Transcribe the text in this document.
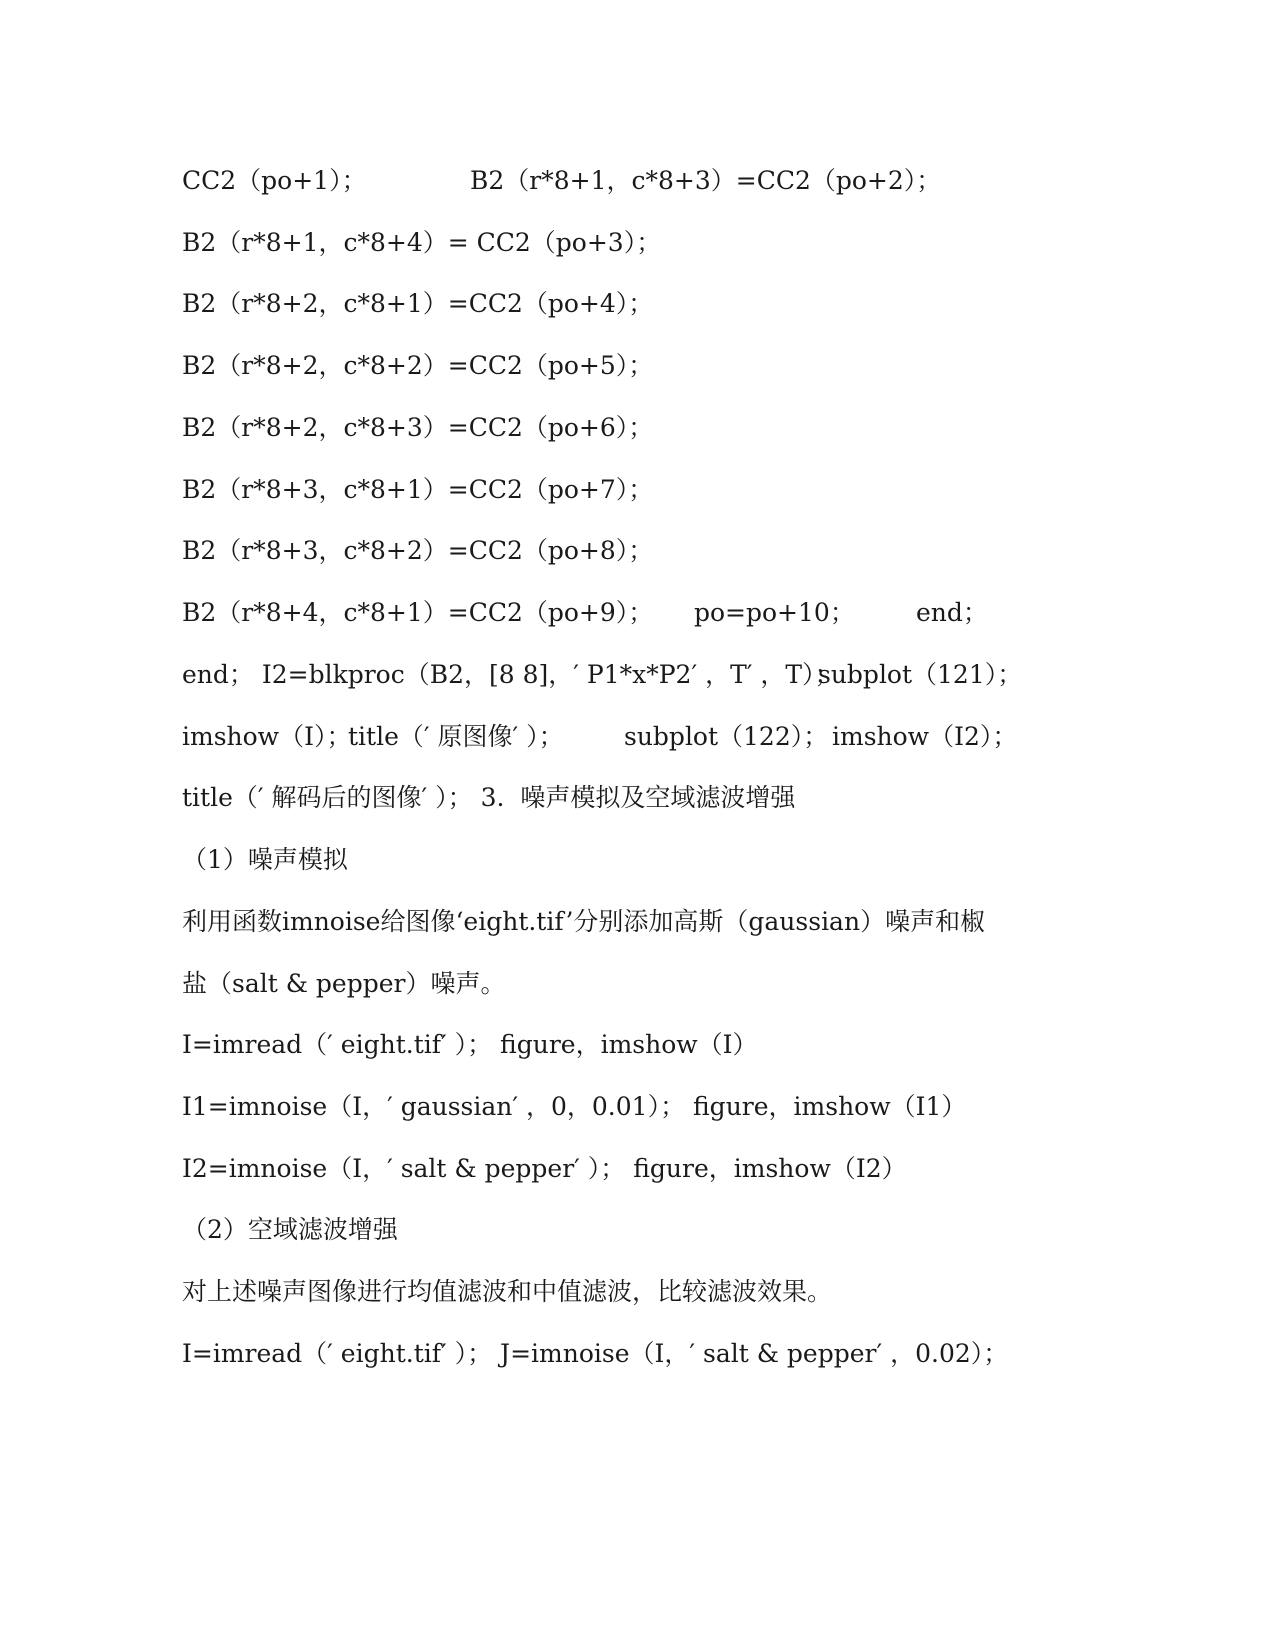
CC2（po+1）；

	B2（r*8+1，c*8+3）=CC2（po+2）；

B2（r*8+1，c*8+4）= CC2（po+3）；

B2（r*8+2，c*8+1）=CC2（po+4）；

B2（r*8+2，c*8+2）=CC2（po+5）；

B2（r*8+2，c*8+3）=CC2（po+6）；

B2（r*8+3，c*8+1）=CC2（po+7）；

B2（r*8+3，c*8+2）=CC2（po+8）；

B2（r*8+4，c*8+1）=CC2（po+9）；

po=po+10；

end；

end； I2=blkproc（B2，[8 8]，′ P1*x*P2′ ，T′ ，T）；

subplot（121）；

imshow（I）；

title（′ 原图像′ ）；

subplot（122）；

imshow（I2）；

title（′ 解码后的图像′ ）； 3.  噪声模拟及空域滤波增强

（1）噪声模拟

利用函数imnoise给图像‘eight.tif’分别添加高斯（gaussian）噪声和椒

盐（salt & pepper）噪声。

I=imread（′ eight.tif′ ）； figure，imshow（I）

I1=imnoise（I，′ gaussian′ ，0，0.01）； figure，imshow（I1）

I2=imnoise（I，′ salt & pepper′ ）； figure，imshow（I2）

（2）空域滤波增强

对上述噪声图像进行均值滤波和中值滤波，比较滤波效果。

I=imread（′ eight.tif′ ）； J=imnoise（I，′ salt & pepper′ ，0.02）；
